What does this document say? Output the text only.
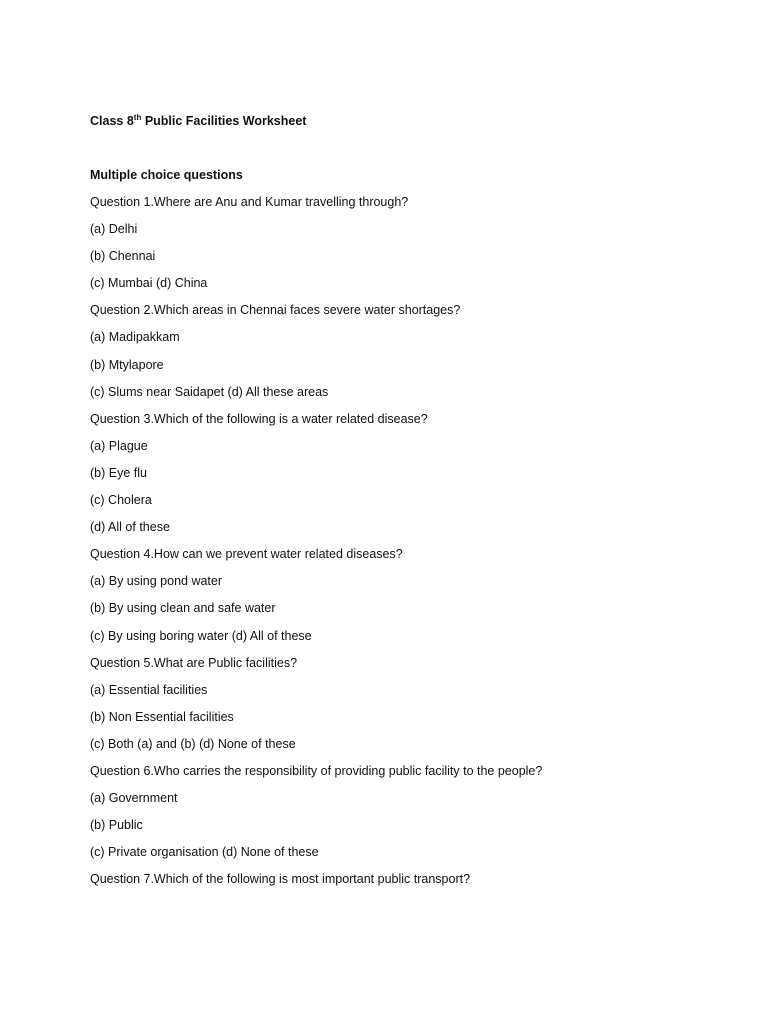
Class 8th Public Facilities Worksheet

Multiple choice questions

Question 1.Where are Anu and Kumar travelling through?
(a) Delhi
(b) Chennai
(c) Mumbai (d) China
Question 2.Which areas in Chennai faces severe water shortages?
(a) Madipakkam
(b) Mtylapore
(c) Slums near Saidapet (d) All these areas
Question 3.Which of the following is a water related disease?
(a) Plague
(b) Eye flu
(c) Cholera
(d) All of these
Question 4.How can we prevent water related diseases?
(a) By using pond water
(b) By using clean and safe water
(c) By using boring water (d) All of these
Question 5.What are Public facilities?
(a) Essential facilities
(b) Non Essential facilities
(c) Both (a) and (b) (d) None of these
Question 6.Who carries the responsibility of providing public facility to the people?
(a) Government
(b) Public
(c) Private organisation (d) None of these
Question 7.Which of the following is most important public transport?
